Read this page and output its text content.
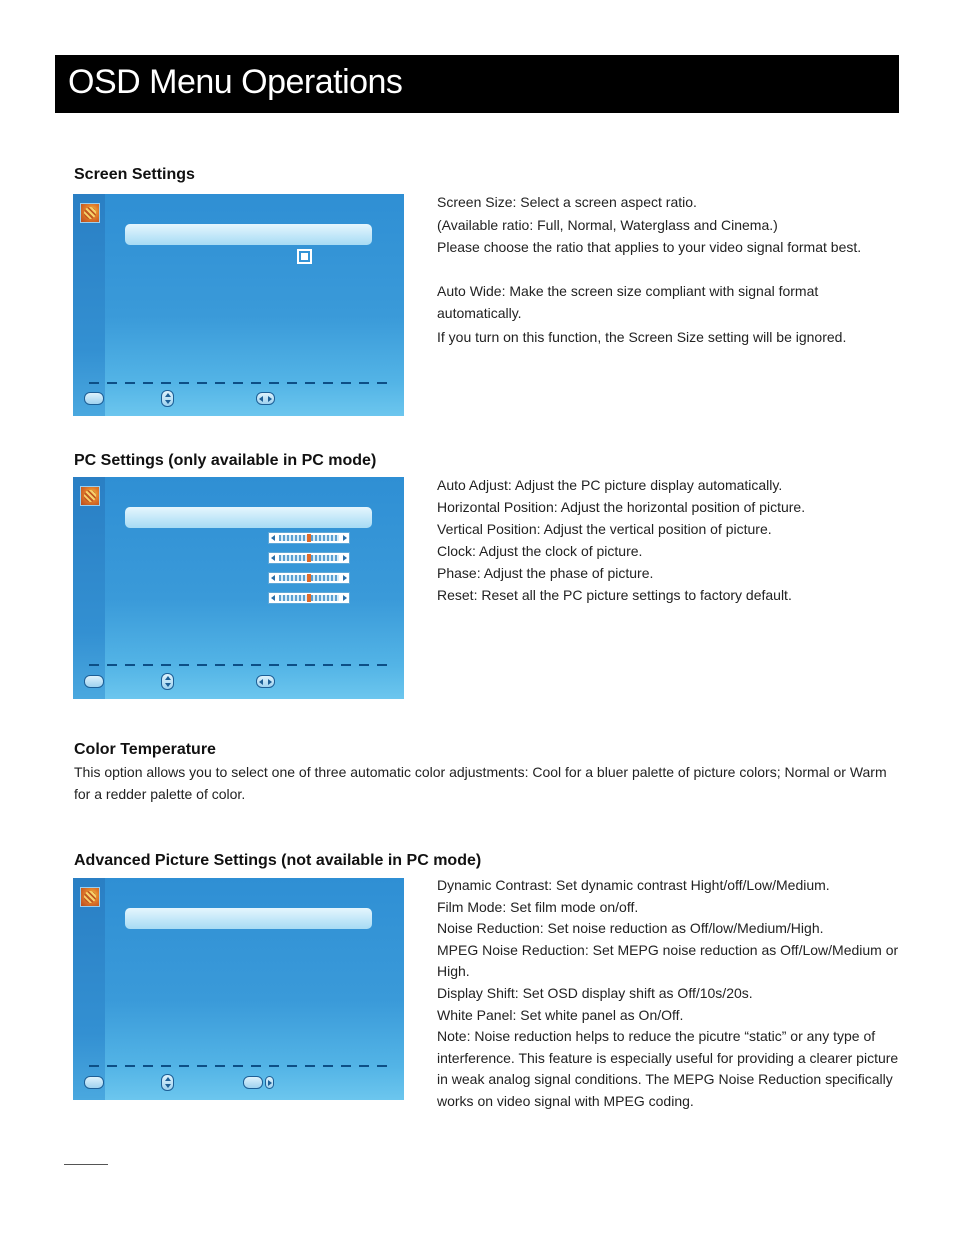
OSD Menu Operations
Screen Settings

Screen Size: Select a screen aspect ratio.

(Available ratio: Full, Normal, Waterglass and Cinema.)

Please choose the ratio that applies to your video signal format best.

Auto Wide: Make the screen size compliant with signal format automatically.

If you turn on this function, the Screen Size setting will be ignored.

PC Settings (only available in PC mode)

Auto Adjust: Adjust the PC picture display automatically.

Horizontal Position: Adjust the horizontal position of picture.

Vertical Position: Adjust the vertical position of picture.

Clock: Adjust the clock of picture.

Phase: Adjust the phase of picture.

Reset: Reset all the PC picture settings to factory default.

Color Temperature
This option allows you to select one of three automatic color adjustments: Cool for a bluer palette of picture colors; Normal or Warm for a redder palette of color.
Advanced Picture Settings (not available in PC mode)

Dynamic Contrast: Set dynamic contrast Hight/off/Low/Medium.

Film Mode: Set film mode on/off.

Noise Reduction: Set noise reduction as Off/low/Medium/High.

MPEG Noise Reduction: Set MEPG noise reduction as Off/Low/Medium or High.

Display Shift: Set OSD display shift as Off/10s/20s.

White Panel: Set white panel as On/Off.

Note: Noise reduction helps to reduce the picutre “static” or any type of interference. This feature is especially useful for providing a clearer picture in weak analog signal conditions. The MEPG Noise Reduction specifically works on video signal with MPEG coding.
